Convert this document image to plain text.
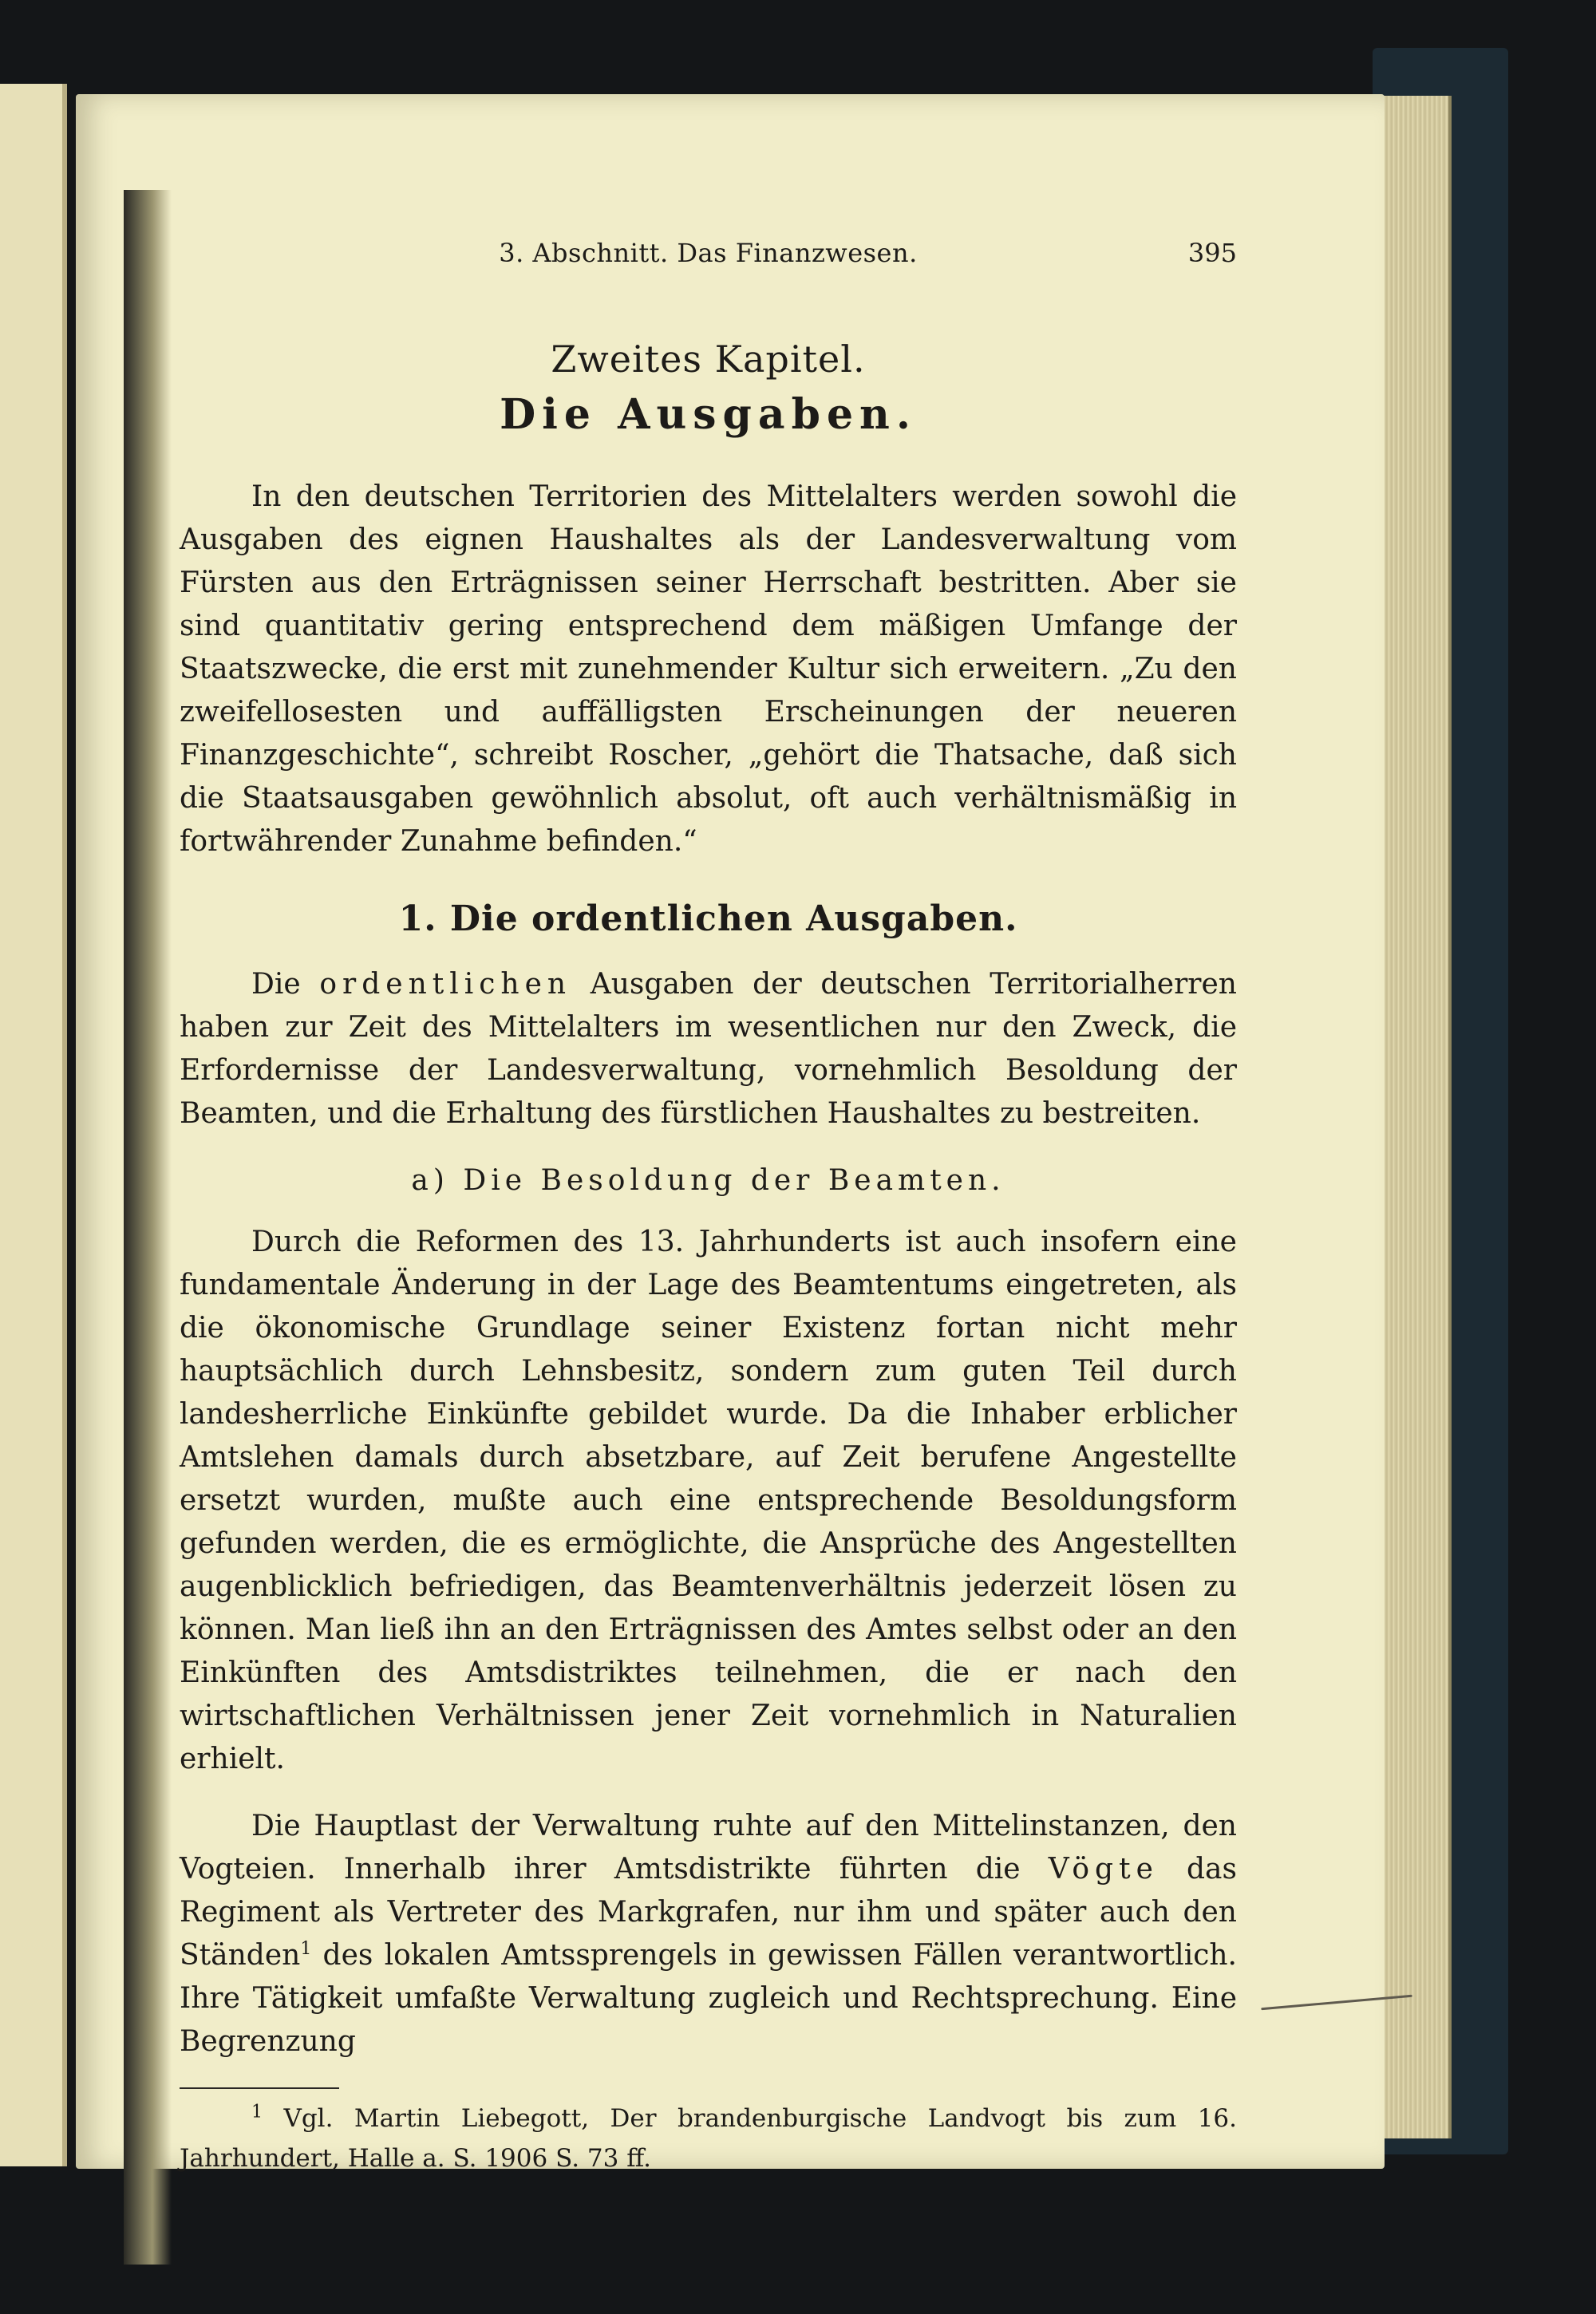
3. Abschnitt. Das Finanzwesen.	395
Zweites Kapitel.
Die Ausgaben.

In den deutschen Territorien des Mittelalters werden sowohl die Ausgaben des eignen Haushaltes als der Landesverwaltung vom Fürsten aus den Erträgnissen seiner Herrschaft bestritten. Aber sie sind quantitativ gering entsprechend dem mäßigen Umfange der Staatszwecke, die erst mit zunehmender Kultur sich erweitern. „Zu den zweifellosesten und auffälligsten Erscheinungen der neueren Finanzgeschichte“, schreibt Roscher, „gehört die Thatsache, daß sich die Staatsausgaben gewöhnlich absolut, oft auch verhältnismäßig in fortwährender Zunahme befinden.“

1. Die ordentlichen Ausgaben.

Die ordentlichen Ausgaben der deutschen Territorialherren haben zur Zeit des Mittelalters im wesentlichen nur den Zweck, die Erfordernisse der Landesverwaltung, vornehmlich Besoldung der Beamten, und die Erhaltung des fürstlichen Haushaltes zu bestreiten.

a) Die Besoldung der Beamten.

Durch die Reformen des 13. Jahrhunderts ist auch insofern eine fundamentale Änderung in der Lage des Beamtentums eingetreten, als die ökonomische Grundlage seiner Existenz fortan nicht mehr hauptsächlich durch Lehnsbesitz, sondern zum guten Teil durch landesherrliche Einkünfte gebildet wurde. Da die Inhaber erblicher Amtslehen damals durch absetzbare, auf Zeit berufene Angestellte ersetzt wurden, mußte auch eine entsprechende Besoldungsform gefunden werden, die es ermöglichte, die Ansprüche des Angestellten augenblicklich befriedigen, das Beamtenverhältnis jederzeit lösen zu können. Man ließ ihn an den Erträgnissen des Amtes selbst oder an den Einkünften des Amtsdistriktes teilnehmen, die er nach den wirtschaftlichen Verhältnissen jener Zeit vornehmlich in Naturalien erhielt.

Die Hauptlast der Verwaltung ruhte auf den Mittelinstanzen, den Vogteien. Innerhalb ihrer Amtsdistrikte führten die Vögte das Regiment als Vertreter des Markgrafen, nur ihm und später auch den Ständen$^1$ des lokalen Amtssprengels in gewissen Fällen verantwortlich. Ihre Tätigkeit umfaßte Verwaltung zugleich und Rechtsprechung. Eine Begrenzung

$^1$ Vgl. Martin Liebegott, Der brandenburgische Landvogt bis zum 16. Jahrhundert, Halle a. S. 1906 S. 73 ff.
